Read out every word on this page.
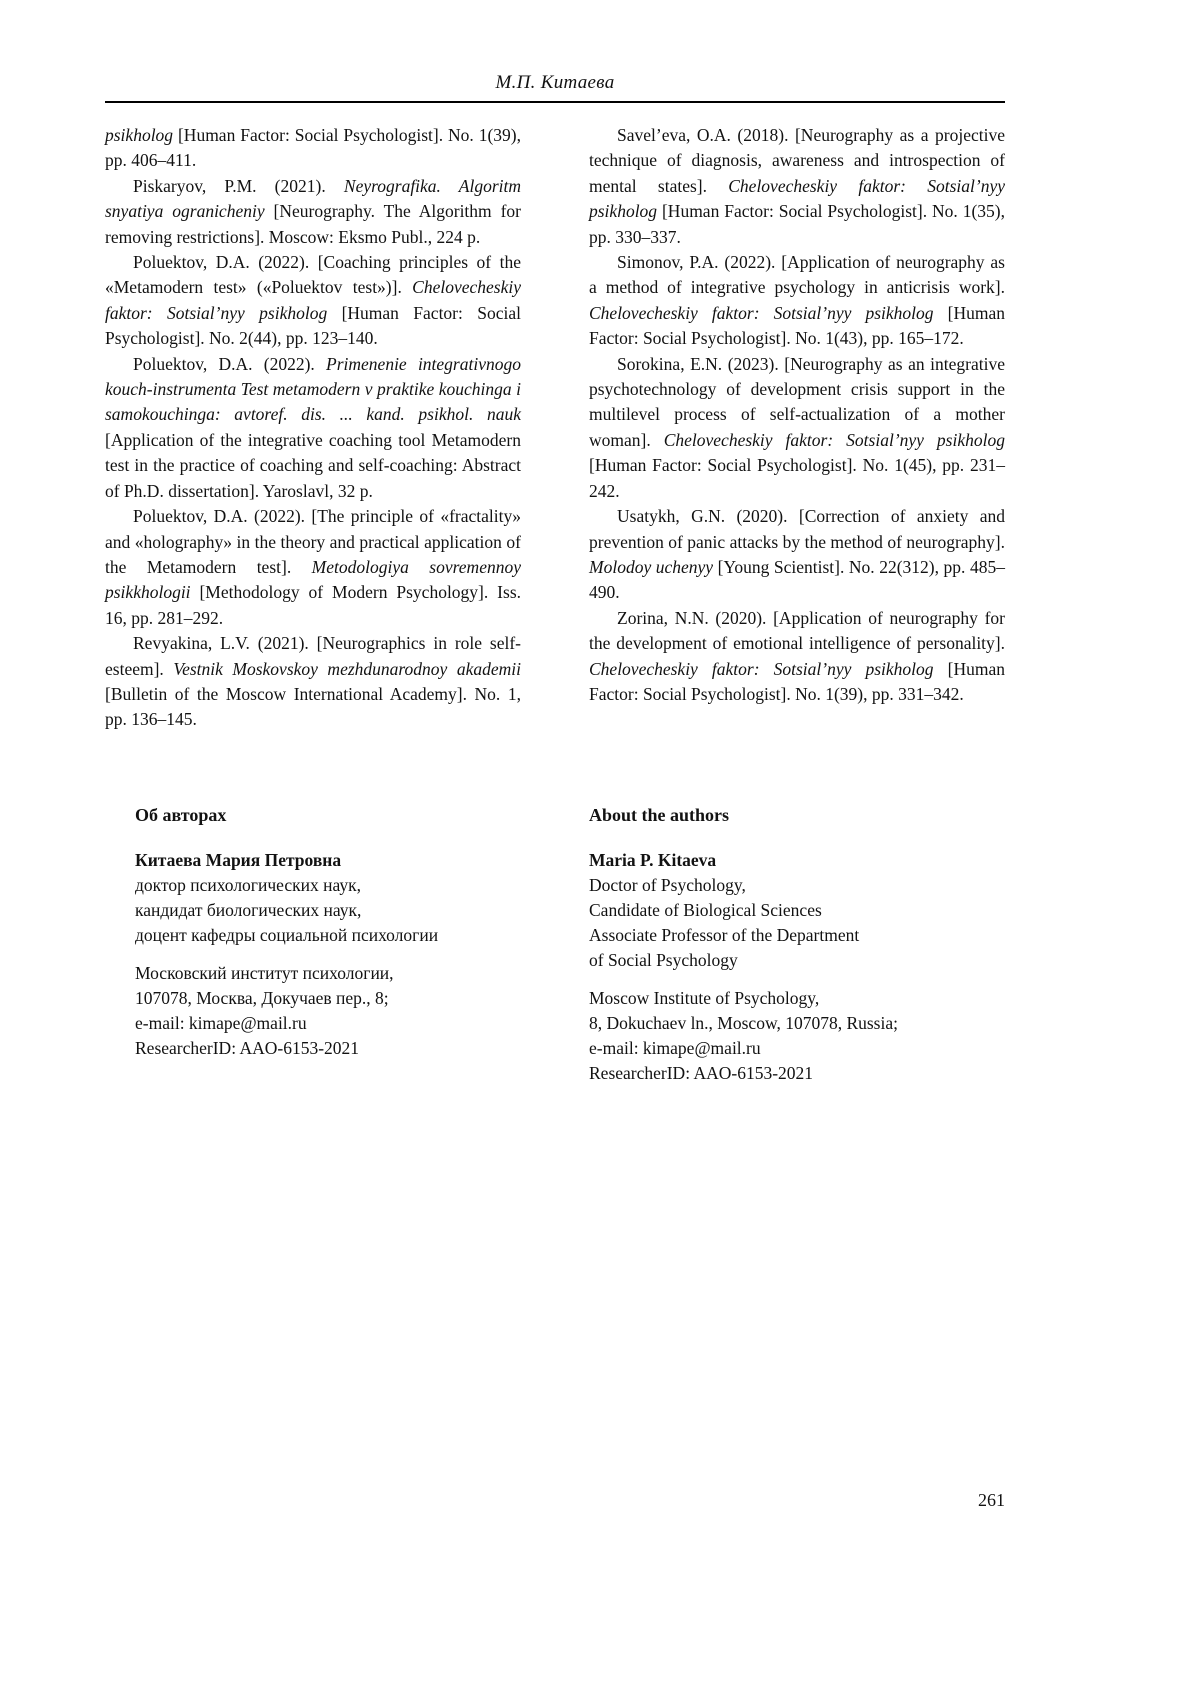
М.П. Китаева

psikholog [Human Factor: Social Psychologist]. No. 1(39), pp. 406–411.

Piskaryov, P.M. (2021). Neyrografika. Algoritm snyatiya ogranicheniy [Neurography. The Algorithm for removing restrictions]. Moscow: Eksmo Publ., 224 p.

Poluektov, D.A. (2022). [Coaching principles of the «Metamodern test» («Poluektov test»)]. Chelovecheskiy faktor: Sotsial’nyy psikholog [Human Factor: Social Psychologist]. No. 2(44), pp. 123–140.

Poluektov, D.A. (2022). Primenenie integrativnogo kouch-instrumenta Test metamodern v praktike kouchinga i samokouchinga: avtoref. dis. ... kand. psikhol. nauk [Application of the integrative coaching tool Metamodern test in the practice of coaching and self-coaching: Abstract of Ph.D. dissertation]. Yaroslavl, 32 p.

Poluektov, D.A. (2022). [The principle of «fractality» and «holography» in the theory and practical application of the Metamodern test]. Metodologiya sovremennoy psikkhologii [Methodology of Modern Psychology]. Iss. 16, pp. 281–292.

Revyakina, L.V. (2021). [Neurographics in role self-esteem]. Vestnik Moskovskoy mezhdunarodnoy akademii [Bulletin of the Moscow International Academy]. No. 1, pp. 136–145.

Savel’eva, O.A. (2018). [Neurography as a projective technique of diagnosis, awareness and introspection of mental states]. Chelovecheskiy faktor: Sotsial’nyy psikholog [Human Factor: Social Psychologist]. No. 1(35), pp. 330–337.

Simonov, P.A. (2022). [Application of neurography as a method of integrative psychology in anticrisis work]. Chelovecheskiy faktor: Sotsial’nyy psikholog [Human Factor: Social Psychologist]. No. 1(43), pp. 165–172.

Sorokina, E.N. (2023). [Neurography as an integrative psychotechnology of development crisis support in the multilevel process of self-actualization of a mother woman]. Chelovecheskiy faktor: Sotsial’nyy psikholog [Human Factor: Social Psychologist]. No. 1(45), pp. 231–242.

Usatykh, G.N. (2020). [Correction of anxiety and prevention of panic attacks by the method of neurography]. Molodoy uchenyy [Young Scientist]. No. 22(312), pp. 485–490.

Zorina, N.N. (2020). [Application of neurography for the development of emotional intelligence of personality]. Chelovecheskiy faktor: Sotsial’nyy psikholog [Human Factor: Social Psychologist]. No. 1(39), pp. 331–342.

Об авторах
Китаева Мария Петровна
доктор психологических наук,
кандидат биологических наук,
доцент кафедры социальной психологии
Московский институт психологии,
107078, Москва, Докучаев пер., 8;
e-mail: kimape@mail.ru
ResearcherID: AAO-6153-2021
About the authors
Maria P. Kitaeva
Doctor of Psychology,
Candidate of Biological Sciences
Associate Professor of the Department
of Social Psychology
Moscow Institute of Psychology,
8, Dokuchaev ln., Moscow, 107078, Russia;
e-mail: kimape@mail.ru
ResearcherID: AAO-6153-2021
261
